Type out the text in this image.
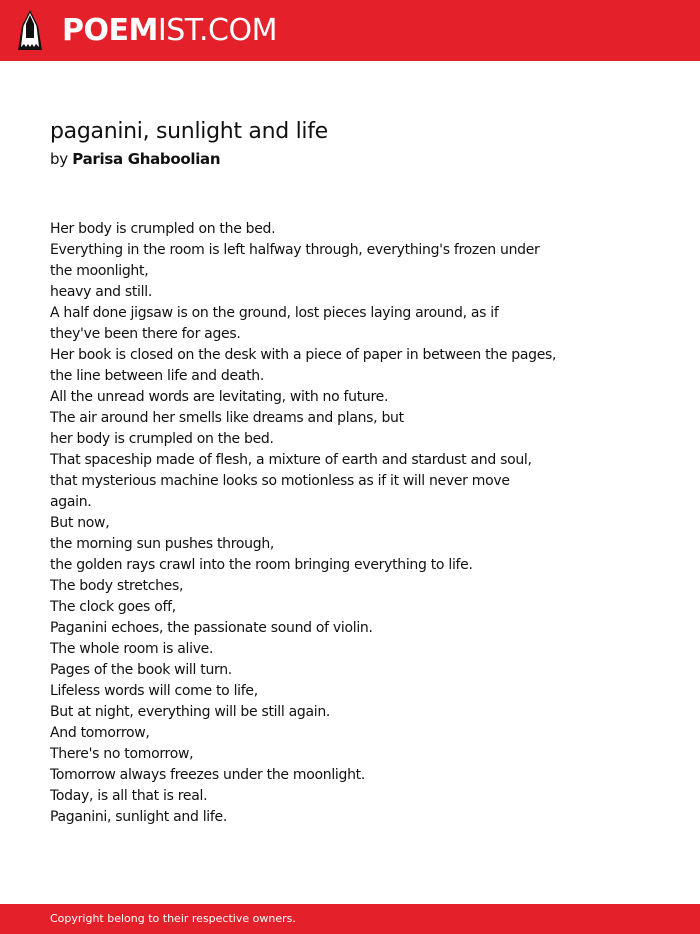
POEMIST.COM
paganini, sunlight and life
by Parisa Ghaboolian
Her body is crumpled on the bed.
Everything in the room is left halfway through, everything's frozen under
the moonlight,
heavy and still.
A half done jigsaw is on the ground, lost pieces laying around, as if
they've been there for ages.
Her book is closed on the desk with a piece of paper in between the pages,
the line between life and death.
All the unread words are levitating, with no future.
The air around her smells like dreams and plans, but
her body is crumpled on the bed.
That spaceship made of flesh, a mixture of earth and stardust and soul,
that mysterious machine looks so motionless as if it will never move
again.
But now,
the morning sun pushes through,
the golden rays crawl into the room bringing everything to life.
The body stretches,
The clock goes off,
Paganini echoes, the passionate sound of violin.
The whole room is alive.
Pages of the book will turn.
Lifeless words will come to life,
But at night, everything will be still again.
And tomorrow,
There's no tomorrow,
Tomorrow always freezes under the moonlight.
Today, is all that is real.
Paganini, sunlight and life.
Copyright belong to their respective owners.
